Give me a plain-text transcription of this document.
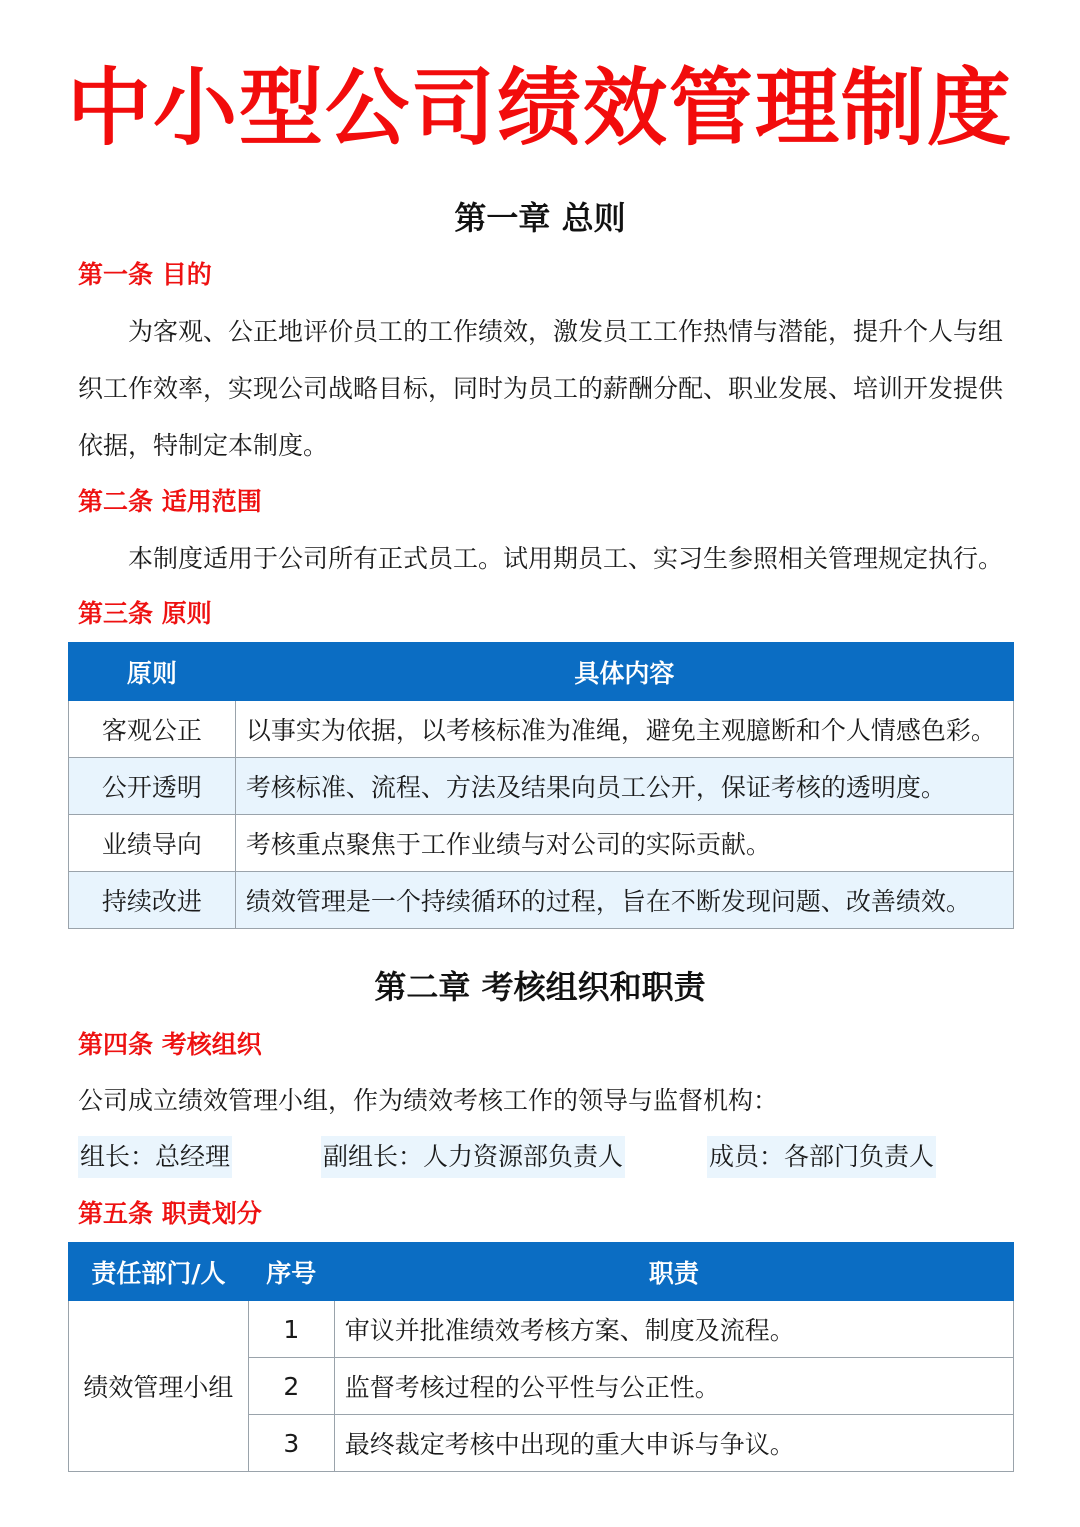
中小型公司绩效管理制度
第一章 总则
第一条 目的

为客观、公正地评价员工的工作绩效，激发员工工作热情与潜能，提升个人与组织工作效率，实现公司战略目标，同时为员工的薪酬分配、职业发展、培训开发提供依据，特制定本制度。

第二条 适用范围

本制度适用于公司所有正式员工。试用期员工、实习生参照相关管理规定执行。

第三条 原则
原则	具体内容
客观公正	以事实为依据，以考核标准为准绳，避免主观臆断和个人情感色彩。
公开透明	考核标准、流程、方法及结果向员工公开，保证考核的透明度。
业绩导向	考核重点聚焦于工作业绩与对公司的实际贡献。
持续改进	绩效管理是一个持续循环的过程，旨在不断发现问题、改善绩效。
第二章 考核组织和职责
第四条 考核组织

公司成立绩效管理小组，作为绩效考核工作的领导与监督机构：

组长：总经理	副组长：人力资源部负责人	成员：各部门负责人
第五条 职责划分
责任部门/人	序号	职责
绩效管理小组	1	审议并批准绩效考核方案、制度及流程。
	2	监督考核过程的公平性与公正性。
	3	最终裁定考核中出现的重大申诉与争议。
